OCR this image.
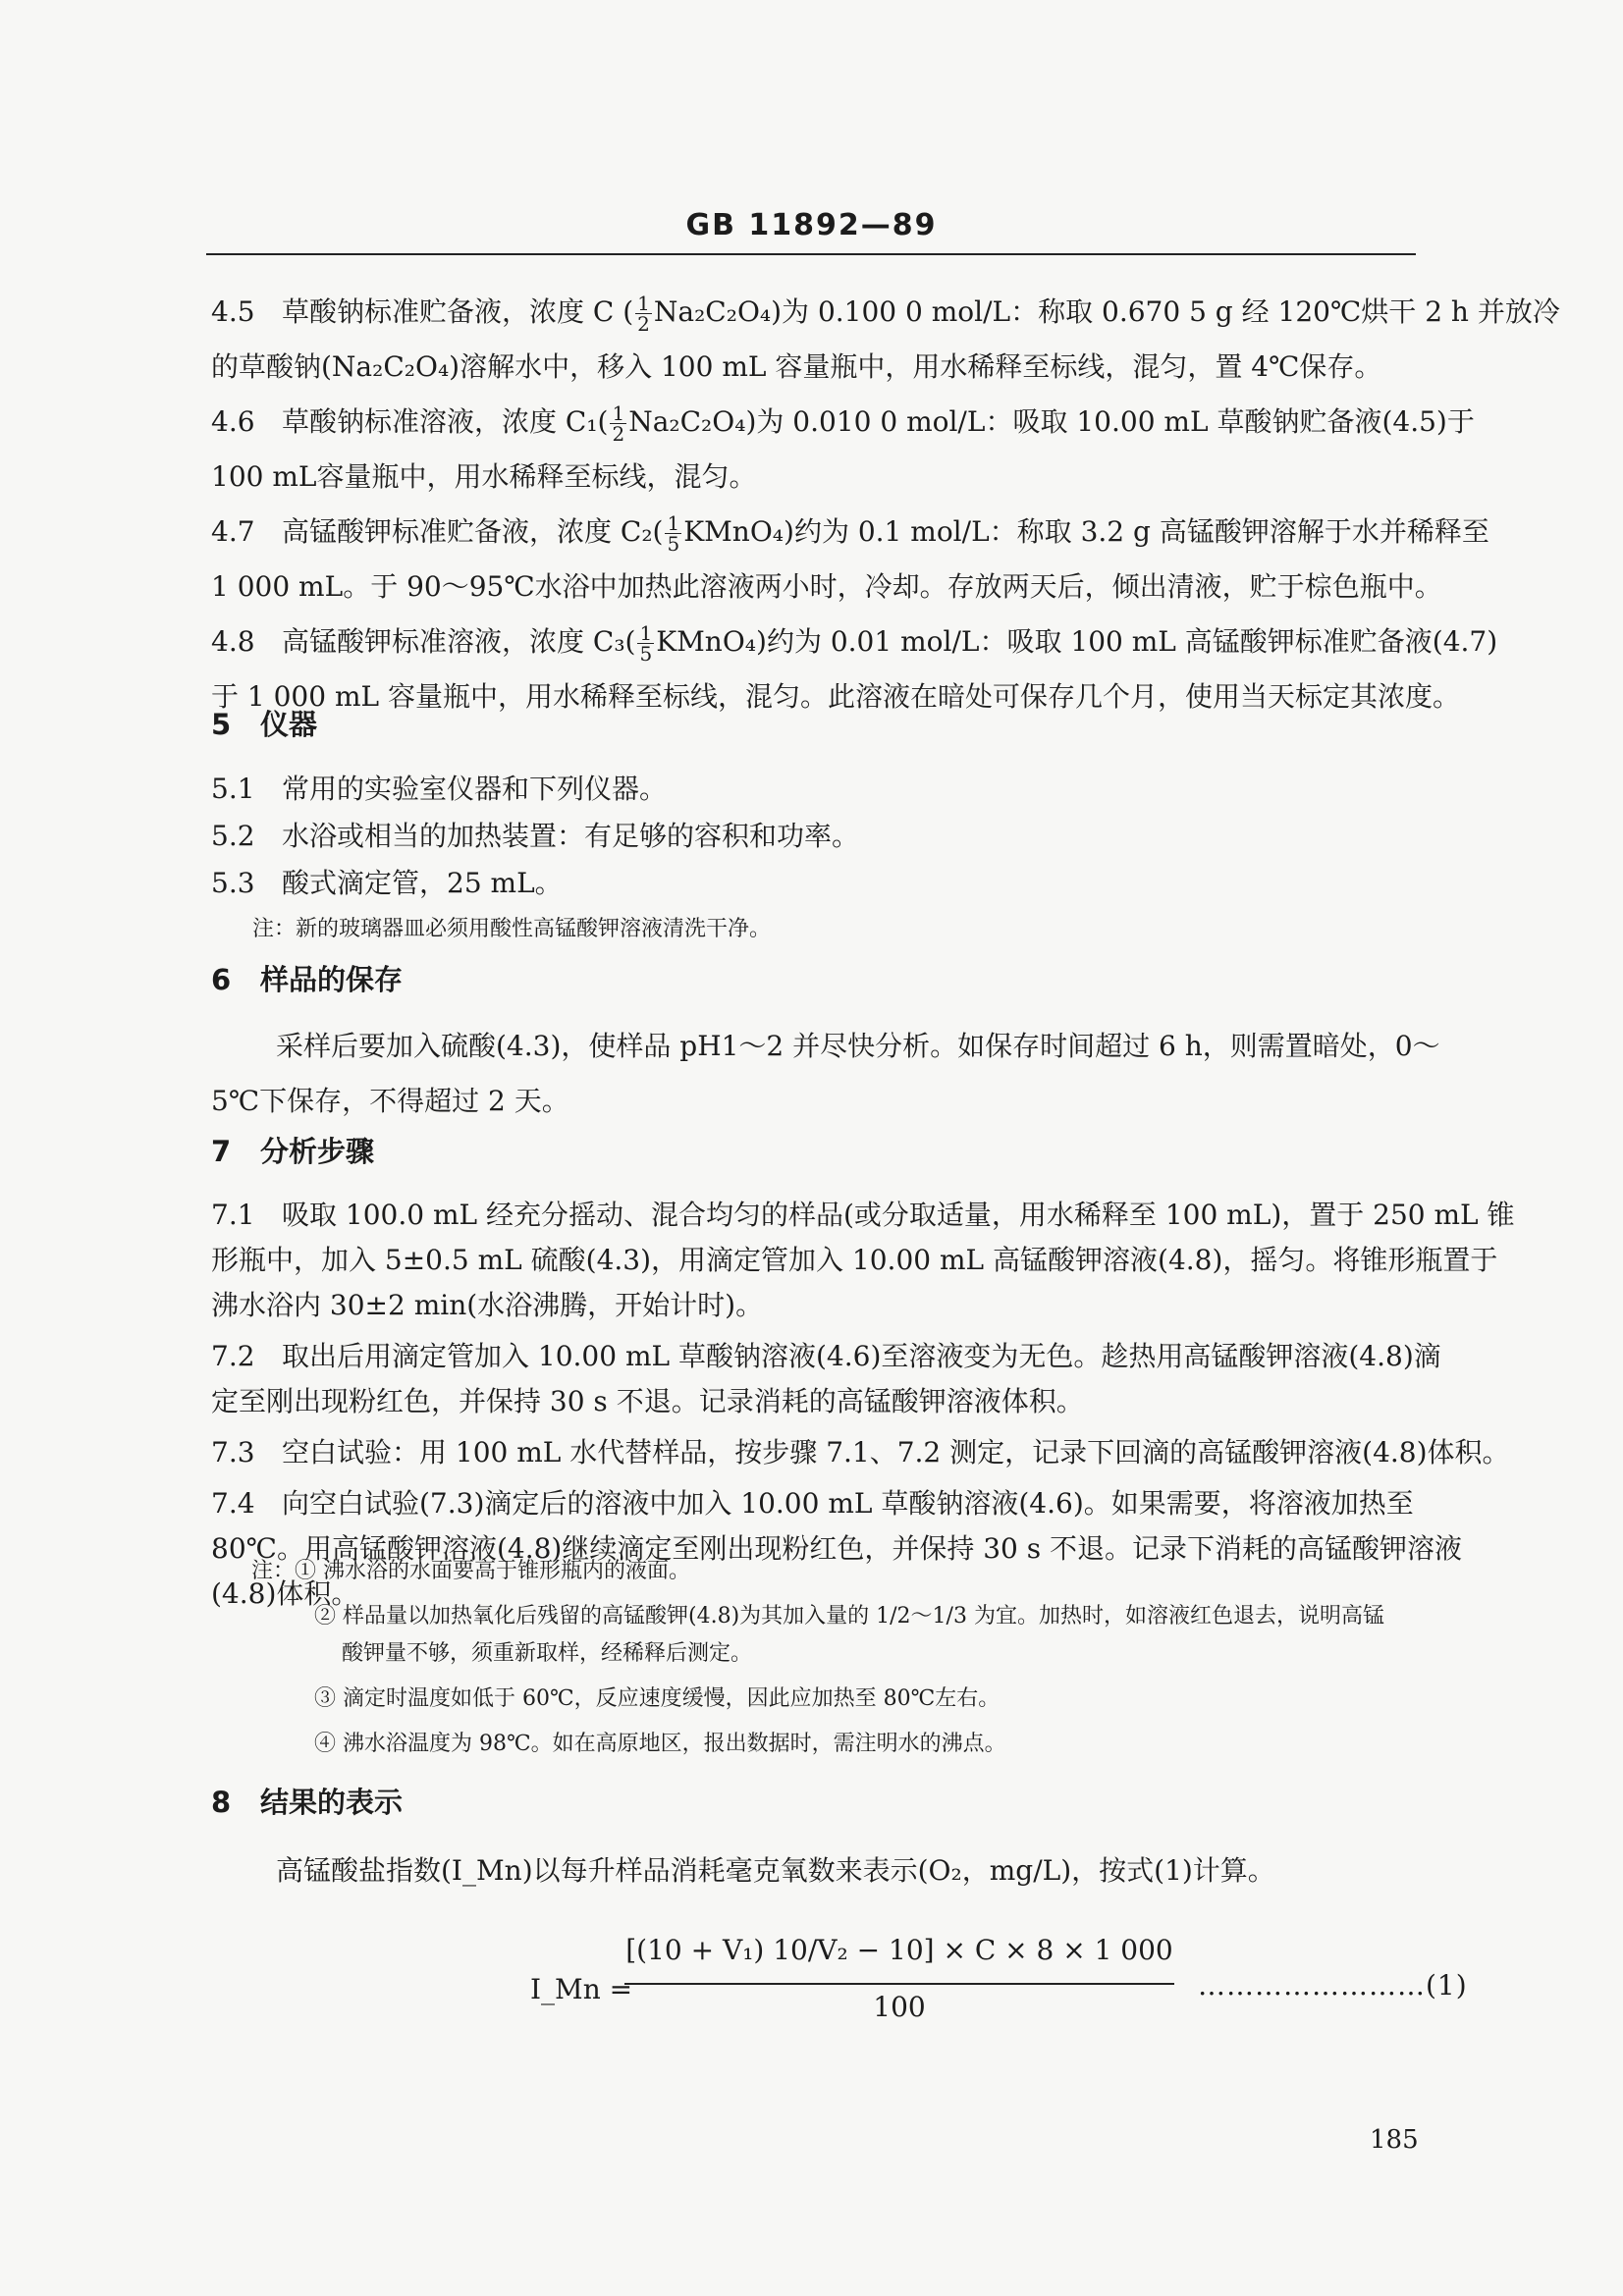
GB 11892—89
4.5 草酸钠标准贮备液，浓度 C ( $\frac{1}{2} Na_2C_2O_4$)为 0.100 0 mol/L：称取 0.670 5 g 经 120℃烘干 2 h 并放冷
的草酸钠(Na₂C₂O₄)溶解水中，移入 100 mL 容量瓶中，用水稀释至标线，混匀，置 4℃保存。
4.6 草酸钠标准溶液，浓度 $C_1( \frac{1}{2} Na_2C_2O_4)$为 0.010 0 mol/L：吸取 10.00 mL 草酸钠贮备液(4.5)于
100 mL容量瓶中，用水稀释至标线，混匀。
4.7 高锰酸钾标准贮备液，浓度 $C_2( \frac{1}{5}$ KMnO₄)约为 0.1 mol/L：称取 3.2 g 高锰酸钾溶解于水并稀释至
1 000 mL。于 90～95℃水浴中加热此溶液两小时，冷却。存放两天后，倾出清液，贮于棕色瓶中。
4.8 高锰酸钾标准溶液，浓度 $C_3( \frac{1}{5}$ KMnO₄)约为 0.01 mol/L：吸取 100 mL 高锰酸钾标准贮备液(4.7)
于 1 000 mL 容量瓶中，用水稀释至标线，混匀。此溶液在暗处可保存几个月，使用当天标定其浓度。
5 仪器
5.1 常用的实验室仪器和下列仪器。
5.2 水浴或相当的加热装置：有足够的容积和功率。
5.3 酸式滴定管，25 mL。
注：新的玻璃器皿必须用酸性高锰酸钾溶液清洗干净。
6 样品的保存
采样后要加入硫酸(4.3)，使样品 pH1～2 并尽快分析。如保存时间超过 6 h，则需置暗处，0～5℃下保存，不得超过 2 天。
7 分析步骤
7.1 吸取 100.0 mL 经充分摇动、混合均匀的样品(或分取适量，用水稀释至 100 mL)，置于 250 mL 锥
形瓶中，加入 5±0.5 mL 硫酸(4.3)，用滴定管加入 10.00 mL 高锰酸钾溶液(4.8)，摇匀。将锥形瓶置于
沸水浴内 30±2 min(水浴沸腾，开始计时)。
7.2 取出后用滴定管加入 10.00 mL 草酸钠溶液(4.6)至溶液变为无色。趁热用高锰酸钾溶液(4.8)滴
定至刚出现粉红色，并保持 30 s 不退。记录消耗的高锰酸钾溶液体积。
7.3 空白试验：用 100 mL 水代替样品，按步骤 7.1、7.2 测定，记录下回滴的高锰酸钾溶液(4.8)体积。
7.4 向空白试验(7.3)滴定后的溶液中加入 10.00 mL 草酸钠溶液(4.6)。如果需要，将溶液加热至
80℃。用高锰酸钾溶液(4.8)继续滴定至刚出现粉红色，并保持 30 s 不退。记录下消耗的高锰酸钾溶液
(4.8)体积。
注：① 沸水浴的水面要高于锥形瓶内的液面。
② 样品量以加热氧化后残留的高锰酸钾(4.8)为其加入量的 1/2～1/3 为宜。加热时，如溶液红色退去，说明高锰
酸钾量不够，须重新取样，经稀释后测定。
③ 滴定时温度如低于 60℃，反应速度缓慢，因此应加热至 80℃左右。
④ 沸水浴温度为 98℃。如在高原地区，报出数据时，需注明水的沸点。
8 结果的表示
高锰酸盐指数(I_Mn)以每升样品消耗毫克氧数来表示(O₂，mg/L)，按式(1)计算。
I_Mn =
[(10 + V₁) 10/V₂ − 10] × C × 8 × 1 000
100
……………………(1)
185
